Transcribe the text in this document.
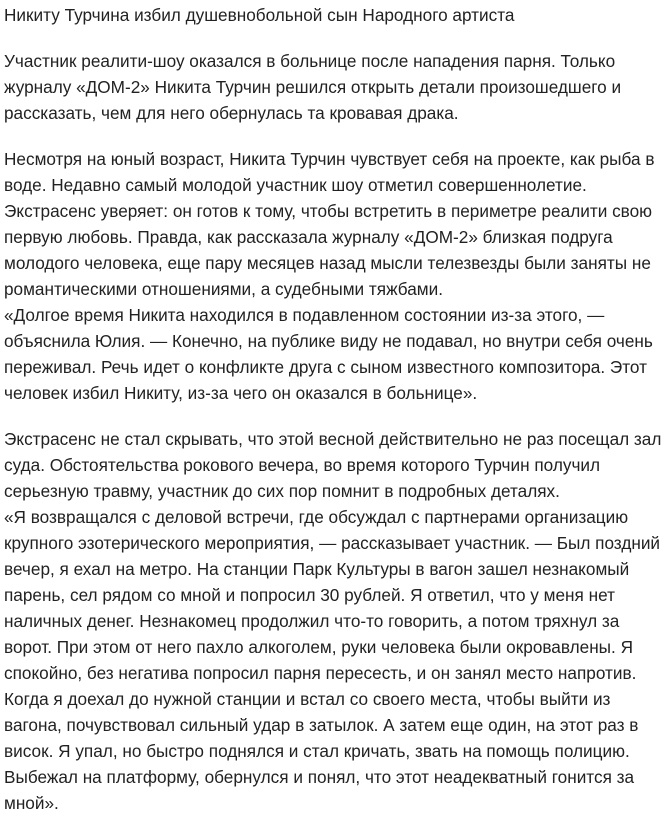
Никиту Турчина избил душевнобольной сын Народного артиста

Участник реалити-шоу оказался в больнице после нападения парня. Только журналу «ДОМ-2» Никита Турчин решился открыть детали произошедшего и рассказать, чем для него обернулась та кровавая драка.

Несмотря на юный возраст, Никита Турчин чувствует себя на проекте, как рыба в воде. Недавно самый молодой участник шоу отметил совершеннолетие. Экстрасенс уверяет: он готов к тому, чтобы встретить в периметре реалити свою первую любовь. Правда, как рассказала журналу «ДОМ-2» близкая подруга молодого человека, еще пару месяцев назад мысли телезвезды были заняты не романтическими отношениями, а судебными тяжбами.

«Долгое время Никита находился в подавленном состоянии из-за этого, — объяснила Юлия. — Конечно, на публике виду не подавал, но внутри себя очень переживал. Речь идет о конфликте друга с сыном известного композитора. Этот человек избил Никиту, из-за чего он оказался в больнице».

Экстрасенс не стал скрывать, что этой весной действительно не раз посещал зал суда. Обстоятельства рокового вечера, во время которого Турчин получил серьезную травму, участник до сих пор помнит в подробных деталях.

«Я возвращался с деловой встречи, где обсуждал с партнерами организацию крупного эзотерического мероприятия, — рассказывает участник. — Был поздний вечер, я ехал на метро. На станции Парк Культуры в вагон зашел незнакомый парень, сел рядом со мной и попросил 30 рублей. Я ответил, что у меня нет наличных денег. Незнакомец продолжил что-то говорить, а потом тряхнул за ворот. При этом от него пахло алкоголем, руки человека были окровавлены. Я спокойно, без негатива попросил парня пересесть, и он занял место напротив. Когда я доехал до нужной станции и встал со своего места, чтобы выйти из вагона, почувствовал сильный удар в затылок. А затем еще один, на этот раз в висок. Я упал, но быстро поднялся и стал кричать, звать на помощь полицию. Выбежал на платформу, обернулся и понял, что этот неадекватный гонится за мной».
